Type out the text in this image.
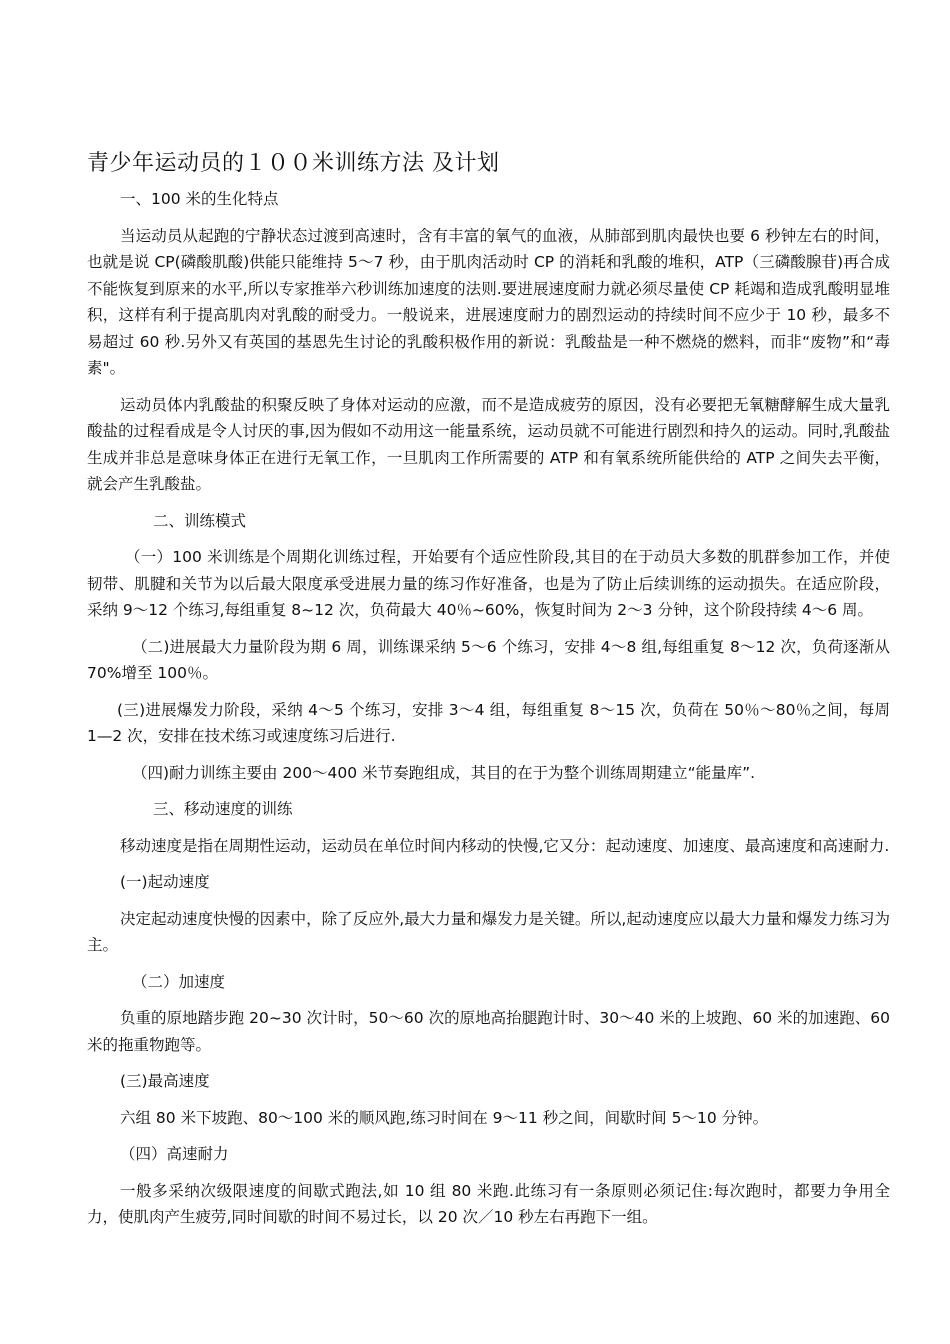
青少年运动员的１００米训练方法 及计划

一、100 米的生化特点

当运动员从起跑的宁静状态过渡到高速时，含有丰富的氧气的血液，从肺部到肌肉最快也要 6 秒钟左右的时间，也就是说 CP(磷酸肌酸)供能只能维持 5～7 秒，由于肌肉活动时 CP 的消耗和乳酸的堆积，ATP（三磷酸腺苷)再合成不能恢复到原来的水平,所以专家推举六秒训练加速度的法则.要进展速度耐力就必须尽量使 CP 耗竭和造成乳酸明显堆积，这样有利于提高肌肉对乳酸的耐受力。一般说来，进展速度耐力的剧烈运动的持续时间不应少于 10 秒，最多不易超过 60 秒.另外又有英国的基恩先生讨论的乳酸积极作用的新说：乳酸盐是一种不燃烧的燃料，而非“废物”和“毒素"。

运动员体内乳酸盐的积聚反映了身体对运动的应激，而不是造成疲劳的原因，没有必要把无氧糖酵解生成大量乳酸盐的过程看成是令人讨厌的事,因为假如不动用这一能量系统，运动员就不可能进行剧烈和持久的运动。同时,乳酸盐生成并非总是意味身体正在进行无氧工作，一旦肌肉工作所需要的 ATP 和有氧系统所能供给的 ATP 之间失去平衡，就会产生乳酸盐。

二、训练模式

（一）100 米训练是个周期化训练过程，开始要有个适应性阶段,其目的在于动员大多数的肌群参加工作，并使韧带、肌腱和关节为以后最大限度承受进展力量的练习作好准备，也是为了防止后续训练的运动损失。在适应阶段，采纳 9～12 个练习,每组重复 8~12 次，负荷最大 40％~60%，恢复时间为 2～3 分钟，这个阶段持续 4～6 周。

（二)进展最大力量阶段为期 6 周，训练课采纳 5～6 个练习，安排 4～8 组,每组重复 8～12 次，负荷逐渐从 70%增至 100％。

(三)进展爆发力阶段，采纳 4～5 个练习，安排 3～4 组，每组重复 8～15 次，负荷在 50％～80％之间，每周 1—2 次，安排在技术练习或速度练习后进行.

（四)耐力训练主要由 200～400 米节奏跑组成，其目的在于为整个训练周期建立“能量库”.

三、移动速度的训练

移动速度是指在周期性运动，运动员在单位时间内移动的快慢,它又分：起动速度、加速度、最高速度和高速耐力.

(一)起动速度

决定起动速度快慢的因素中，除了反应外,最大力量和爆发力是关键。所以,起动速度应以最大力量和爆发力练习为主。

（二）加速度

负重的原地踏步跑 20~30 次计时，50～60 次的原地高抬腿跑计时、30～40 米的上坡跑、60 米的加速跑、60 米的拖重物跑等。

(三)最高速度

六组 80 米下坡跑、80～100 米的顺风跑,练习时间在 9～11 秒之间，间歇时间 5～10 分钟。

（四）高速耐力

一般多采纳次级限速度的间歇式跑法,如 10 组 80 米跑.此练习有一条原则必须记住:每次跑时，都要力争用全力，使肌肉产生疲劳,同时间歇的时间不易过长，以 20 次／10 秒左右再跑下一组。
